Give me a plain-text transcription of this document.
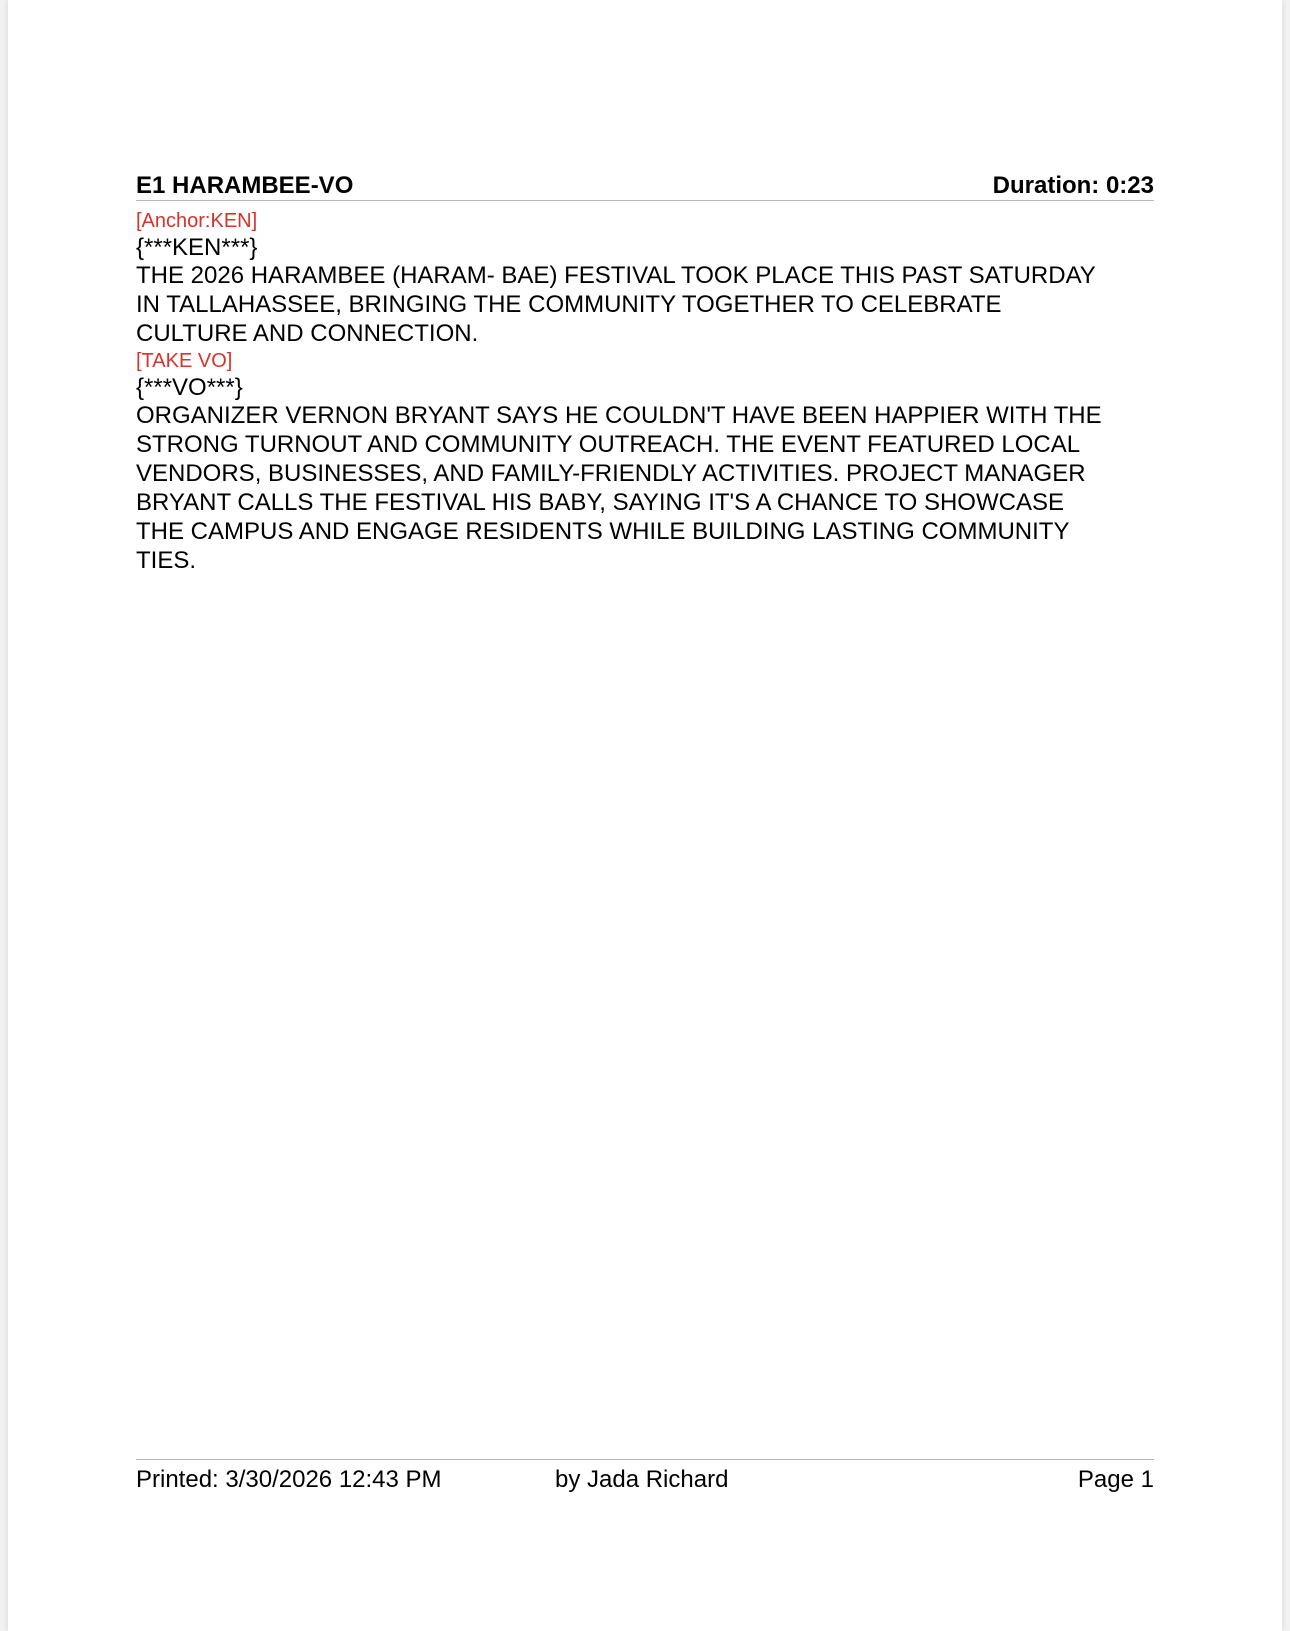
E1 HARAMBEE-VO	Duration: 0:23
[Anchor:KEN]
{***KEN***}
THE 2026 HARAMBEE (HARAM- BAE) FESTIVAL TOOK PLACE THIS PAST SATURDAY
IN TALLAHASSEE, BRINGING THE COMMUNITY TOGETHER TO CELEBRATE
CULTURE AND CONNECTION.
[TAKE VO]
{***VO***}
ORGANIZER VERNON BRYANT SAYS HE COULDN'T HAVE BEEN HAPPIER WITH THE
STRONG TURNOUT AND COMMUNITY OUTREACH. THE EVENT FEATURED LOCAL
VENDORS, BUSINESSES, AND FAMILY-FRIENDLY ACTIVITIES. PROJECT MANAGER
BRYANT CALLS THE FESTIVAL HIS BABY, SAYING IT'S A CHANCE TO SHOWCASE
THE CAMPUS AND ENGAGE RESIDENTS WHILE BUILDING LASTING COMMUNITY
TIES.
Printed: 3/30/2026 12:43 PM	by Jada Richard	Page 1
